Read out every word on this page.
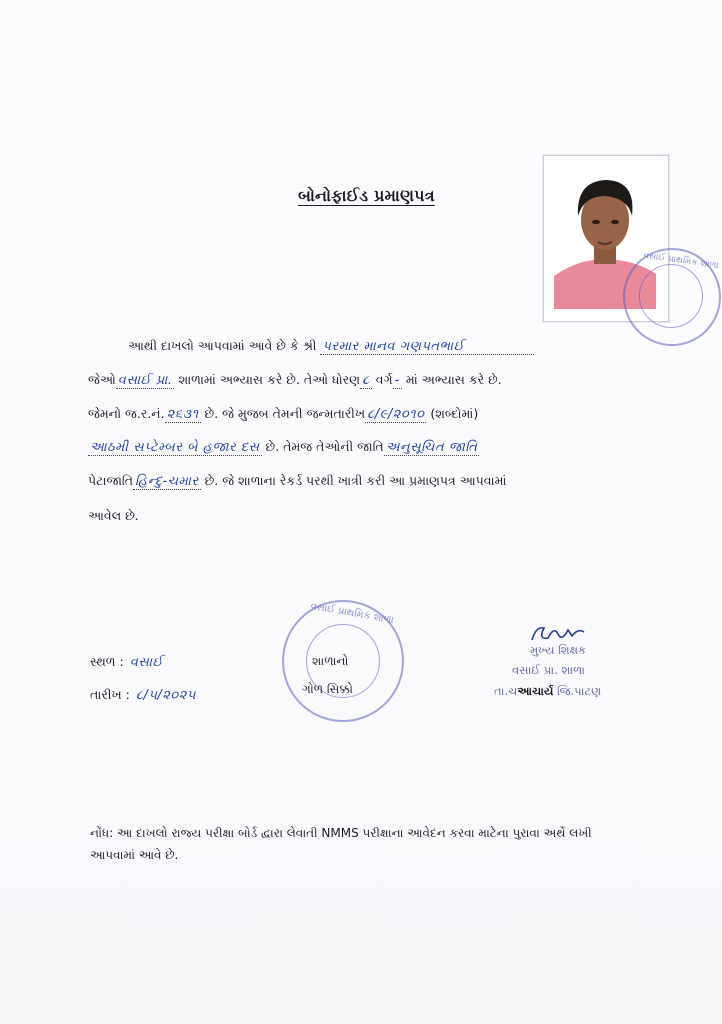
બોનોફાઈડ પ્રમાણપત્ર
વસાઈ પ્રાથમિક શાળા
આથી દાખલો આપવામાં આવે છે કે શ્રી પરમાર માનવ ગણપતભાઈ
જેઓ વસાઈ પ્રા. શાળામાં અભ્યાસ કરે છે. તેઓ ધોરણ ૮ વર્ગ - માં અભ્યાસ કરે છે.
જેમનો જ.ર.નં. ૨૬૩૧ છે. જે મુજબ તેમની જન્મતારીખ ૮/૯/૨૦૧૦ (શબ્દોમાં)
આઠમી સપ્ટેમ્બર બે હજાર દસ છે. તેમજ તેઓની જાતિ અનુસૂચિત જાતિ
પેટાજાતિ હિન્દુ-ચમાર છે. જે શાળાના રેકર્ડ પરથી ખાત્રી કરી આ પ્રમાણપત્ર આપવામાં
આવેલ છે.
વસાઈ પ્રાથમિક શાળા
શાળાનો
ગોળ સિક્કો
સ્થળ : વસાઈ
તારીખ : ૮/૫/૨૦૨૫
મુખ્ય શિક્ષક
વસાઈ પ્રા. શાળા
તા.ચઆચાર્ય જિ.પાટણ
નોંધ: આ દાખલો રાજ્ય પરીક્ષા બોર્ડ દ્વારા લેવાતી NMMS પરીક્ષાના આવેદન કરવા માટેના પુરાવા અર્થે લખી
આપવામાં આવે છે.
